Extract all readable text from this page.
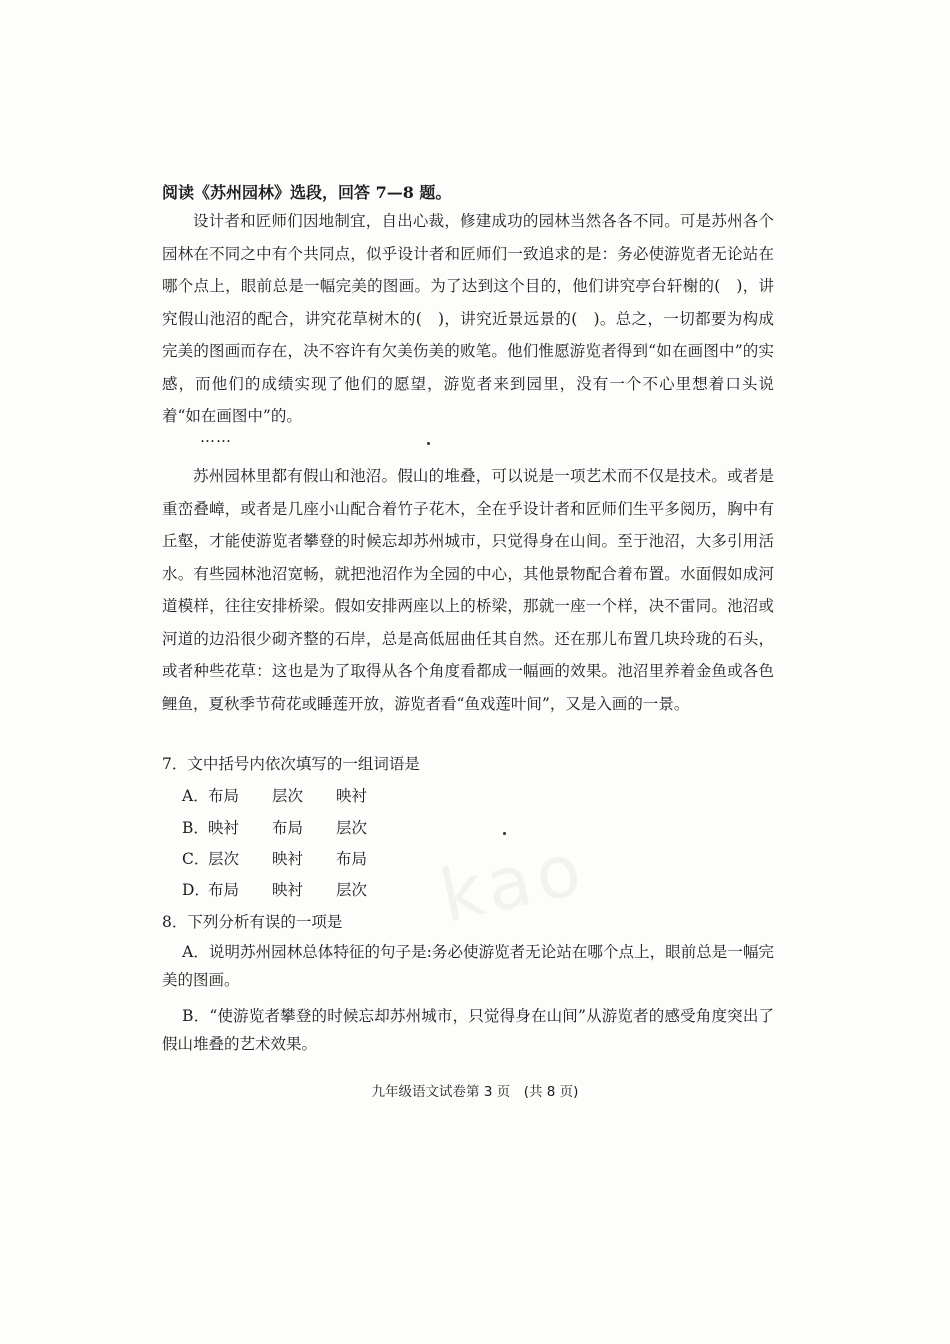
阅读《苏州园林》选段，回答 7—8 题。

设计者和匠师们因地制宜，自出心裁，修建成功的园林当然各各不同。可是苏州各个园林在不同之中有个共同点，似乎设计者和匠师们一致追求的是：务必使游览者无论站在哪个点上，眼前总是一幅完美的图画。为了达到这个目的，他们讲究亭台轩榭的(　)，讲究假山池沼的配合，讲究花草树木的(　)，讲究近景远景的(　)。总之，一切都要为构成完美的图画而存在，决不容许有欠美伤美的败笔。他们惟愿游览者得到“如在画图中”的实感，而他们的成绩实现了他们的愿望，游览者来到园里，没有一个不心里想着口头说着“如在画图中”的。

……

苏州园林里都有假山和池沼。假山的堆叠，可以说是一项艺术而不仅是技术。或者是重峦叠嶂，或者是几座小山配合着竹子花木，全在乎设计者和匠师们生平多阅历，胸中有丘壑，才能使游览者攀登的时候忘却苏州城市，只觉得身在山间。至于池沼，大多引用活水。有些园林池沼宽畅，就把池沼作为全园的中心，其他景物配合着布置。水面假如成河道模样，往往安排桥梁。假如安排两座以上的桥梁，那就一座一个样，决不雷同。池沼或河道的边沿很少砌齐整的石岸，总是高低屈曲任其自然。还在那儿布置几块玲珑的石头，或者种些花草：这也是为了取得从各个角度看都成一幅画的效果。池沼里养着金鱼或各色鲤鱼，夏秋季节荷花或睡莲开放，游览者看“鱼戏莲叶间”，又是入画的一景。

7．文中括号内依次填写的一组词语是
A．布局 层次 映衬
B．映衬 布局 层次
C．层次 映衬 布局
D．布局 映衬 层次
8．下列分析有误的一项是

A．说明苏州园林总体特征的句子是:务必使游览者无论站在哪个点上，眼前总是一幅完美的图画。

B．“使游览者攀登的时候忘却苏州城市，只觉得身在山间”从游览者的感受角度突出了假山堆叠的艺术效果。

九年级语文试卷第 3 页　(共 8 页)
